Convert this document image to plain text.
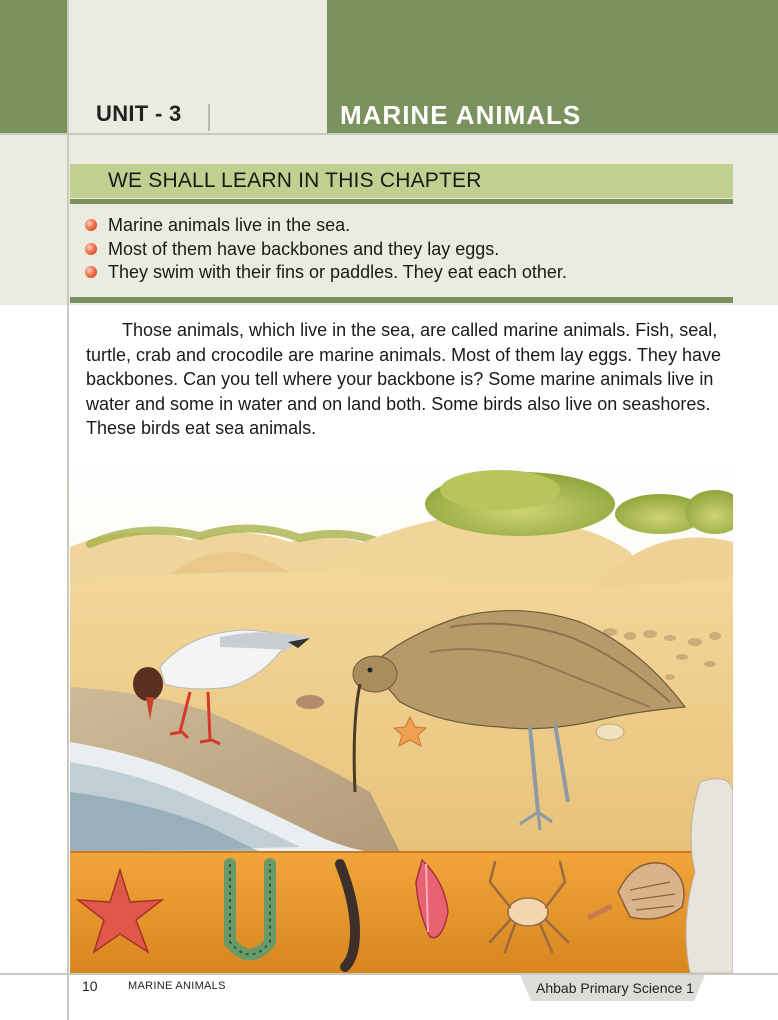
UNIT - 3	MARINE ANIMALS
WE SHALL LEARN IN THIS CHAPTER
Marine animals live in the sea.
Most of them have backbones and they lay eggs.
They swim with their fins or paddles. They eat each other.

Those animals, which live in the sea, are called marine animals. Fish, seal, turtle, crab and crocodile are marine animals. Most of them lay eggs. They have backbones. Can you tell where your backbone is? Some marine animals live in water and some in water and on land both. Some birds also live on seashores. These birds eat sea animals.

10	MARINE ANIMALS	Ahbab Primary Science 1
